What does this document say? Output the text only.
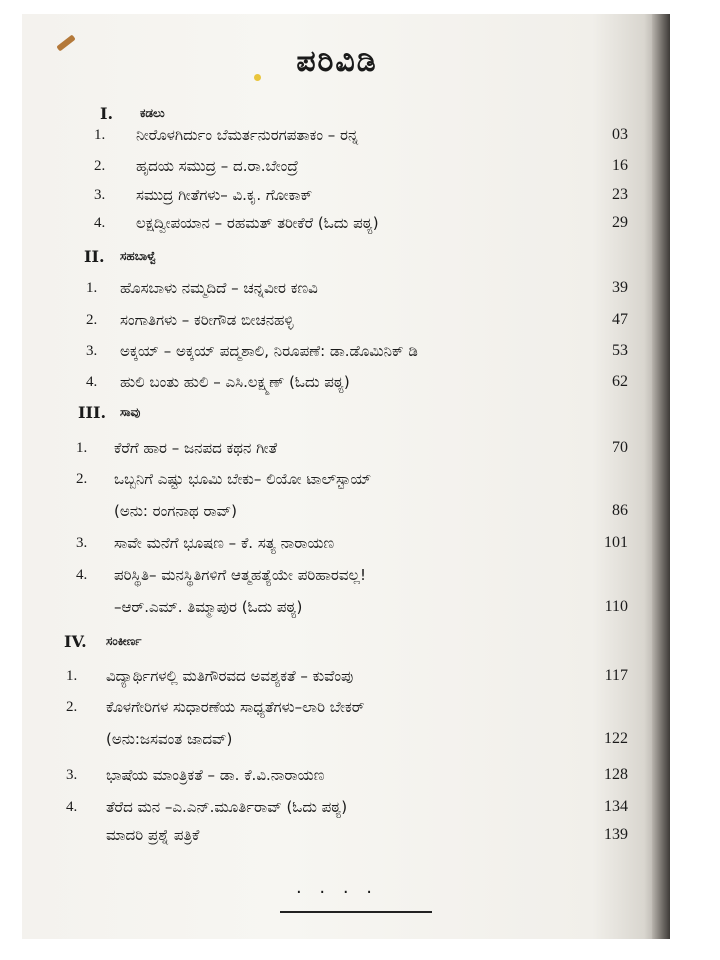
ಪರಿವಿಡಿ
I. ಕಡಲು
1. ನೀರೊಳಗಿರ್ದುಂ ಬೆಮರ್ತನುರಗಪತಾಕಂ – ರನ್ನ	03
2. ಹೃದಯ ಸಮುದ್ರ – ದ.ರಾ.ಬೇಂದ್ರೆ	16
3. ಸಮುದ್ರ ಗೀತೆಗಳು– ವಿ.ಕೃ. ಗೋಕಾಕ್	23
4. ಲಕ್ಷದ್ವೀಪಯಾನ – ರಹಮತ್ ತರೀಕೆರೆ (ಓದು ಪಠ್ಯ)	29
II. ಸಹಬಾಳ್ವೆ
1. ಹೊಸಬಾಳು ನಮ್ಮದಿದೆ – ಚನ್ನವೀರ ಕಣವಿ	39
2. ಸಂಗಾತಿಗಳು – ಕರೀಗೌಡ ಬೀಚನಹಳ್ಳಿ	47
3. ಅಕ್ಕಯ್ – ಅಕ್ಕಯ್ ಪದ್ಮಶಾಲಿ, ನಿರೂಪಣೆ: ಡಾ.ಡೊಮಿನಿಕ್ ಡಿ	53
4. ಹುಲಿ ಬಂತು ಹುಲಿ – ಎಸಿ.ಲಕ್ಷ್ಮಣ್ (ಓದು ಪಠ್ಯ)	62
III. ಸಾವು
1. ಕೆರೆಗೆ ಹಾರ – ಜನಪದ ಕಥನ ಗೀತೆ	70
2. ಒಬ್ಬನಿಗೆ ಎಷ್ಟು ಭೂಮಿ ಬೇಕು– ಲಿಯೋ ಟಾಲ್‌ಸ್ಟಾಯ್
(ಅನು: ರಂಗನಾಥ ರಾವ್)	86
3. ಸಾವೇ ಮನೆಗೆ ಭೂಷಣ – ಕೆ. ಸತ್ಯ ನಾರಾಯಣ	101
4. ಪರಿಸ್ಥಿತಿ– ಮನಸ್ಥಿತಿಗಳಿಗೆ ಆತ್ಮಹತ್ಯೆಯೇ ಪರಿಹಾರವಲ್ಲ!
–ಆರ್.ಎಮ್. ತಿಮ್ಮಾಪುರ (ಓದು ಪಠ್ಯ)	110
IV. ಸಂಕೀರ್ಣ
1. ವಿದ್ಯಾರ್ಥಿಗಳಲ್ಲಿ ಮತಿಗೌರವದ ಅವಶ್ಯಕತೆ – ಕುವೆಂಪು	117
2. ಕೊಳಗೇರಿಗಳ ಸುಧಾರಣೆಯ ಸಾಧ್ಯತೆಗಳು–ಲಾರಿ ಬೇಕರ್
(ಅನು:ಜಸವಂತ ಜಾದವ್)	122
3. ಭಾಷೆಯ ಮಾಂತ್ರಿಕತೆ – ಡಾ. ಕೆ.ವಿ.ನಾರಾಯಣ	128
4. ತೆರೆದ ಮನ –ಎ.ಎನ್.ಮೂರ್ತಿರಾವ್ (ಓದು ಪಠ್ಯ)	134
ಮಾದರಿ ಪ್ರಶ್ನೆ ಪತ್ರಿಕೆ	139
· · · ·
